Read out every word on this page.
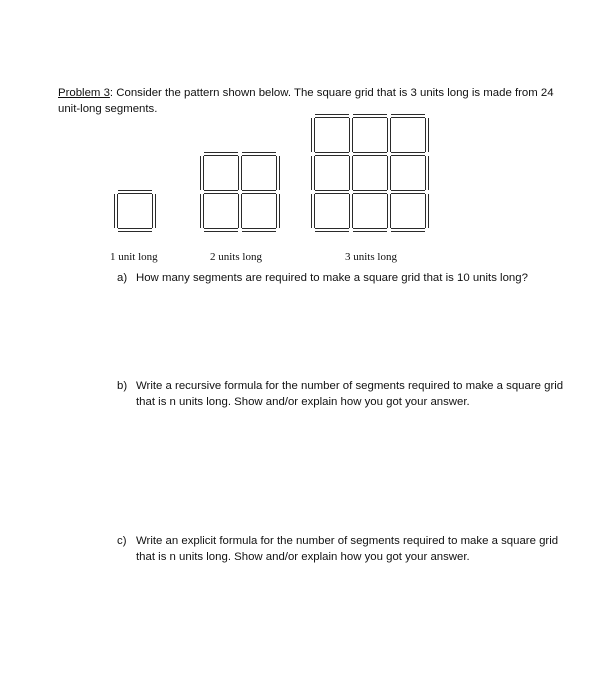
Problem 3: Consider the pattern shown below. The square grid that is 3 units long is made from 24 unit-long segments.
1 unit long	2 units long	3 units long
a) How many segments are required to make a square grid that is 10 units long?
b) Write a recursive formula for the number of segments required to make a square grid that is n units long. Show and/or explain how you got your answer.
c) Write an explicit formula for the number of segments required to make a square grid that is n units long. Show and/or explain how you got your answer.
